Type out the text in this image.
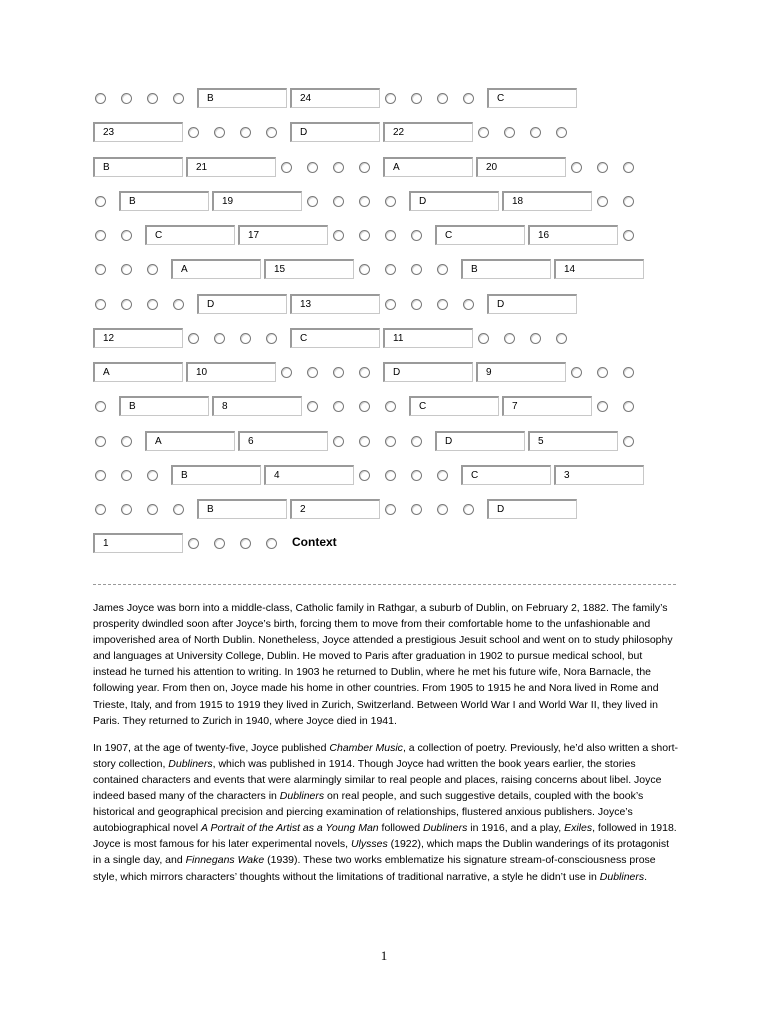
B	24	C
23	D	22
B	21	A	20
B	19	D	18
C	17	C	16
A	15	B	14
D	13	D
12	C	11
A	10	D	9
B	8	C	7
A	6	D	5
B	4	C	3
B	2	D
1	Context

James Joyce was born into a middle-class, Catholic family in Rathgar, a suburb of Dublin, on February 2, 1882. The family’s prosperity dwindled soon after Joyce’s birth, forcing them to move from their comfortable home to the unfashionable and impoverished area of North Dublin. Nonetheless, Joyce attended a prestigious Jesuit school and went on to study philosophy and languages at University College, Dublin. He moved to Paris after graduation in 1902 to pursue medical school, but instead he turned his attention to writing. In 1903 he returned to Dublin, where he met his future wife, Nora Barnacle, the following year. From then on, Joyce made his home in other countries. From 1905 to 1915 he and Nora lived in Rome and Trieste, Italy, and from 1915 to 1919 they lived in Zurich, Switzerland. Between World War I and World War II, they lived in Paris. They returned to Zurich in 1940, where Joyce died in 1941.

In 1907, at the age of twenty-five, Joyce published Chamber Music, a collection of poetry. Previously, he’d also written a short-story collection, Dubliners, which was published in 1914. Though Joyce had written the book years earlier, the stories contained characters and events that were alarmingly similar to real people and places, raising concerns about libel. Joyce indeed based many of the characters in Dubliners on real people, and such suggestive details, coupled with the book’s historical and geographical precision and piercing examination of relationships, flustered anxious publishers. Joyce’s autobiographical novel A Portrait of the Artist as a Young Man followed Dubliners in 1916, and a play, Exiles, followed in 1918. Joyce is most famous for his later experimental novels, Ulysses (1922), which maps the Dublin wanderings of its protagonist in a single day, and Finnegans Wake (1939). These two works emblematize his signature stream-of-consciousness prose style, which mirrors characters’ thoughts without the limitations of traditional narrative, a style he didn’t use in Dubliners.

1
